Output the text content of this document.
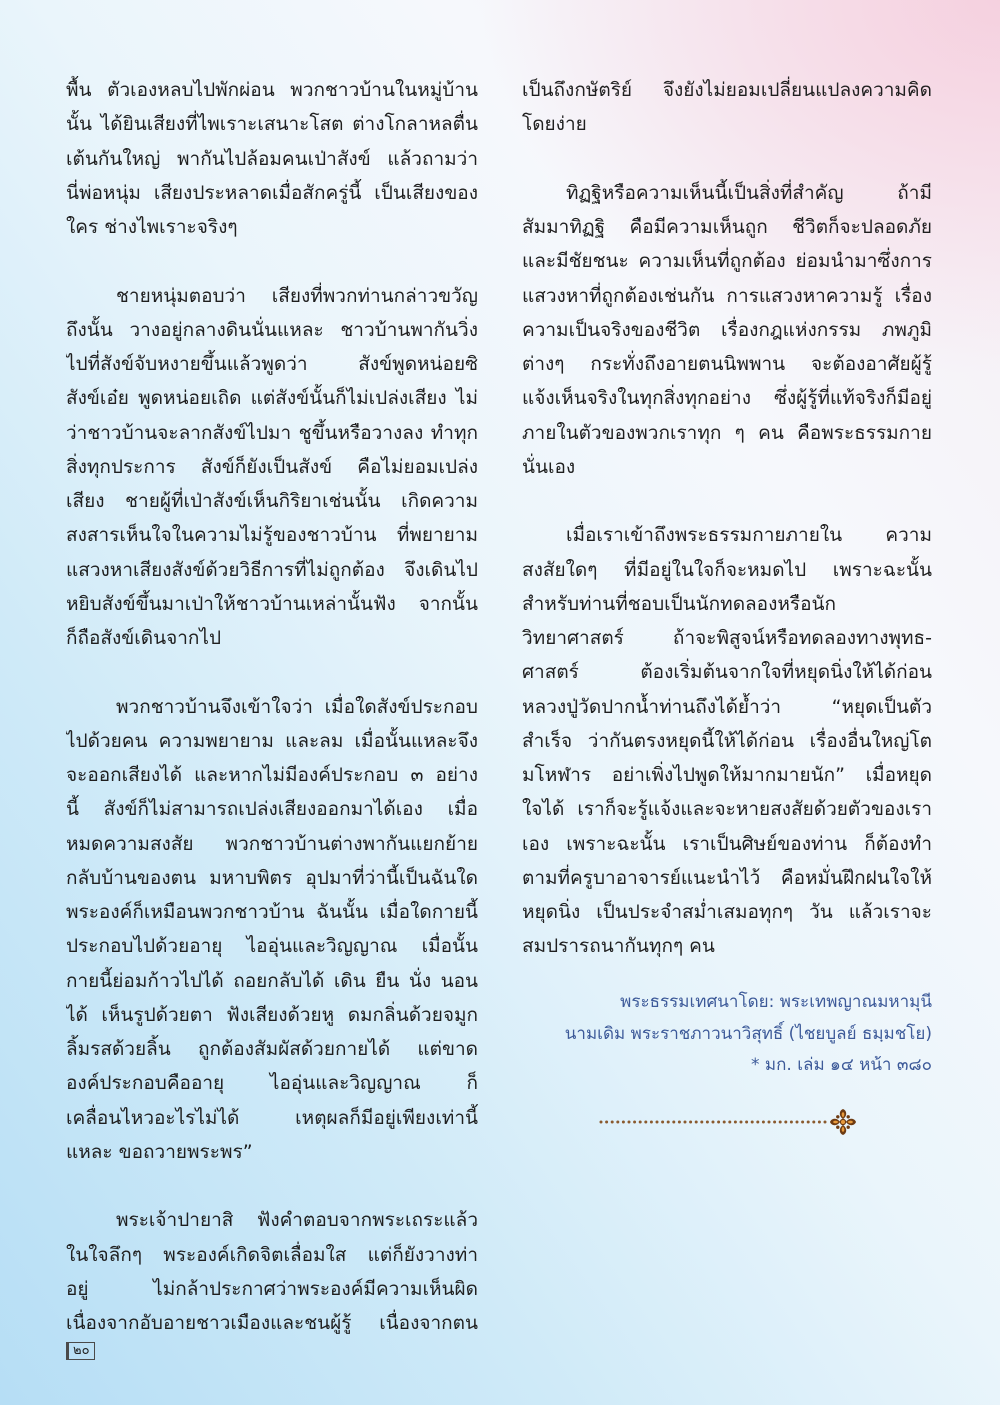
พื้น ตัวเองหลบไปพักผ่อน พวกชาวบ้านในหมู่บ้าน
นั้น ได้ยินเสียงที่ไพเราะเสนาะโสต ต่างโกลาหลตื่น
เต้นกันใหญ่ พากันไปล้อมคนเป่าสังข์ แล้วถามว่า
นี่พ่อหนุ่ม เสียงประหลาดเมื่อสักครู่นี้ เป็นเสียงของ
ใคร ช่างไพเราะจริงๆ
ชายหนุ่มตอบว่า เสียงที่พวกท่านกล่าวขวัญ
ถึงนั้น วางอยู่กลางดินนั่นแหละ ชาวบ้านพากันวิ่ง
ไปที่สังข์จับหงายขึ้นแล้วพูดว่า สังข์พูดหน่อยซิ
สังข์เอ๋ย พูดหน่อยเถิด แต่สังข์นั้นก็ไม่เปล่งเสียง ไม่
ว่าชาวบ้านจะลากสังข์ไปมา ชูขึ้นหรือวางลง ทำทุก
สิ่งทุกประการ สังข์ก็ยังเป็นสังข์ คือไม่ยอมเปล่ง
เสียง ชายผู้ที่เป่าสังข์เห็นกิริยาเช่นนั้น เกิดความ
สงสารเห็นใจในความไม่รู้ของชาวบ้าน ที่พยายาม
แสวงหาเสียงสังข์ด้วยวิธีการที่ไม่ถูกต้อง จึงเดินไป
หยิบสังข์ขึ้นมาเป่าให้ชาวบ้านเหล่านั้นฟัง จากนั้น
ก็ถือสังข์เดินจากไป
พวกชาวบ้านจึงเข้าใจว่า เมื่อใดสังข์ประกอบ
ไปด้วยคน ความพยายาม และลม เมื่อนั้นแหละจึง
จะออกเสียงได้ และหากไม่มีองค์ประกอบ ๓ อย่าง
นี้ สังข์ก็ไม่สามารถเปล่งเสียงออกมาได้เอง เมื่อ
หมดความสงสัย พวกชาวบ้านต่างพากันแยกย้าย
กลับบ้านของตน มหาบพิตร อุปมาที่ว่านี้เป็นฉันใด
พระองค์ก็เหมือนพวกชาวบ้าน ฉันนั้น เมื่อใดกายนี้
ประกอบไปด้วยอายุ ไออุ่นและวิญญาณ เมื่อนั้น
กายนี้ย่อมก้าวไปได้ ถอยกลับได้ เดิน ยืน นั่ง นอน
ได้ เห็นรูปด้วยตา ฟังเสียงด้วยหู ดมกลิ่นด้วยจมูก
ลิ้มรสด้วยลิ้น ถูกต้องสัมผัสด้วยกายได้ แต่ขาด
องค์ประกอบคืออายุ ไออุ่นและวิญญาณ ก็
เคลื่อนไหวอะไรไม่ได้ เหตุผลก็มีอยู่เพียงเท่านี้
แหละ ขอถวายพระพร”
พระเจ้าปายาสิ ฟังคำตอบจากพระเถระแล้ว
ในใจลึกๆ พระองค์เกิดจิตเลื่อมใส แต่ก็ยังวางท่า
อยู่ ไม่กล้าประกาศว่าพระองค์มีความเห็นผิด
เนื่องจากอับอายชาวเมืองและชนผู้รู้ เนื่องจากตน
เป็นถึงกษัตริย์ จึงยังไม่ยอมเปลี่ยนแปลงความคิด
โดยง่าย
ทิฏฐิหรือความเห็นนี้เป็นสิ่งที่สำคัญ ถ้ามี
สัมมาทิฏฐิ คือมีความเห็นถูก ชีวิตก็จะปลอดภัย
และมีชัยชนะ ความเห็นที่ถูกต้อง ย่อมนำมาซึ่งการ
แสวงหาที่ถูกต้องเช่นกัน การแสวงหาความรู้ เรื่อง
ความเป็นจริงของชีวิต เรื่องกฎแห่งกรรม ภพภูมิ
ต่างๆ กระทั่งถึงอายตนนิพพาน จะต้องอาศัยผู้รู้
แจ้งเห็นจริงในทุกสิ่งทุกอย่าง ซึ่งผู้รู้ที่แท้จริงก็มีอยู่
ภายในตัวของพวกเราทุก ๆ คน คือพระธรรมกาย
นั่นเอง
เมื่อเราเข้าถึงพระธรรมกายภายใน ความ
สงสัยใดๆ ที่มีอยู่ในใจก็จะหมดไป เพราะฉะนั้น
สำหรับท่านที่ชอบเป็นนักทดลองหรือนัก
วิทยาศาสตร์ ถ้าจะพิสูจน์หรือทดลองทางพุทธ-
ศาสตร์ ต้องเริ่มต้นจากใจที่หยุดนิ่งให้ได้ก่อน
หลวงปู่วัดปากน้ำท่านถึงได้ย้ำว่า “หยุดเป็นตัว
สำเร็จ ว่ากันตรงหยุดนี้ให้ได้ก่อน เรื่องอื่นใหญ่โต
มโหฬาร อย่าเพิ่งไปพูดให้มากมายนัก” เมื่อหยุด
ใจได้ เราก็จะรู้แจ้งและจะหายสงสัยด้วยตัวของเรา
เอง เพราะฉะนั้น เราเป็นศิษย์ของท่าน ก็ต้องทำ
ตามที่ครูบาอาจารย์แนะนำไว้ คือหมั่นฝึกฝนใจให้
หยุดนิ่ง เป็นประจำสม่ำเสมอทุกๆ วัน แล้วเราจะ
สมปรารถนากันทุกๆ คน
พระธรรมเทศนาโดย: พระเทพญาณมหามุนี
นามเดิม พระราชภาวนาวิสุทธิ์ (ไชยบูลย์ ธมฺมชโย)
* มก. เล่ม ๑๔ หน้า ๓๘๐
๒๐
